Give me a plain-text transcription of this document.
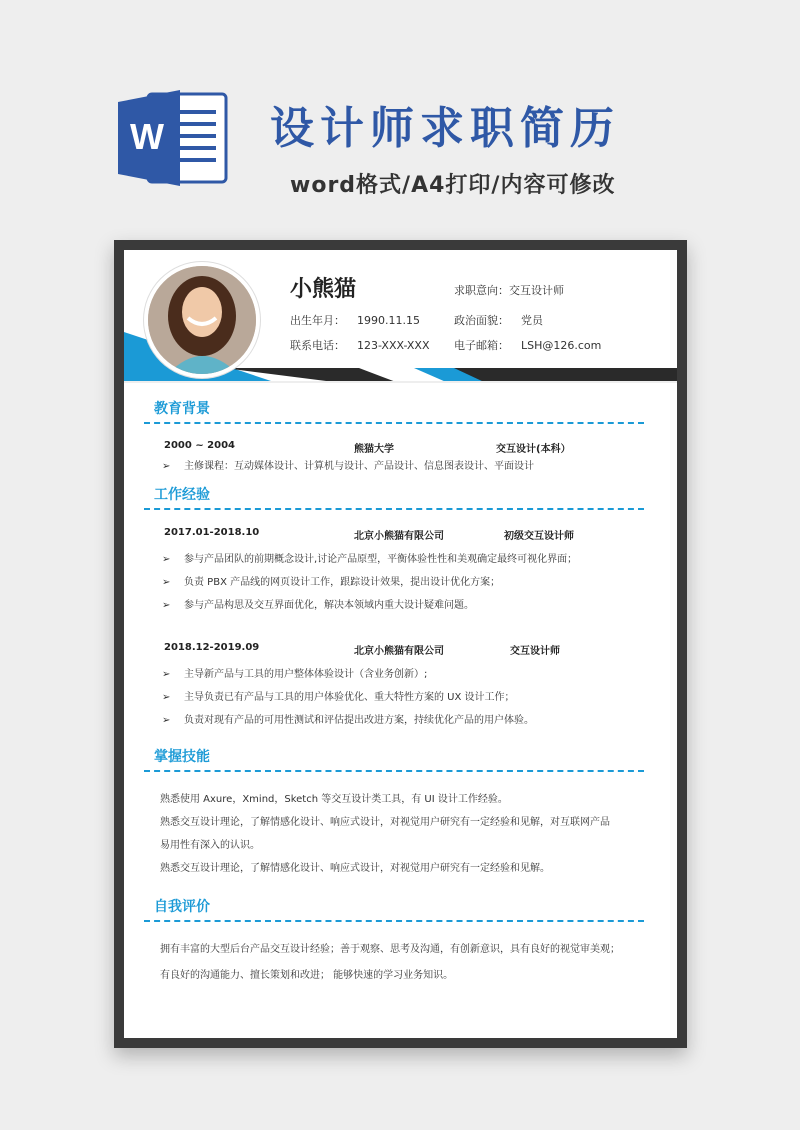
W 设计师求职简历
word格式/A4打印/内容可修改
小熊猫	求职意向：交互设计师
出生年月： 1990.11.15	政治面貌： 党员
联系电话： 123-XXX-XXX 电子邮箱： LSH@126.com
教育背景
2000 ~ 2004	熊猫大学	交互设计(本科）
➢ 主修课程：互动媒体设计、计算机与设计、产品设计、信息图表设计、平面设计
工作经验
2017.01-2018.10	北京小熊猫有限公司	初级交互设计师
➢ 参与产品团队的前期概念设计,讨论产品原型，平衡体验性性和美观确定最终可视化界面；
➢ 负责 PBX 产品线的网页设计工作，跟踪设计效果，提出设计优化方案；
➢ 参与产品构思及交互界面优化，解决本领域内重大设计疑难问题。
2018.12-2019.09	北京小熊猫有限公司	交互设计师
➢ 主导新产品与工具的用户整体体验设计（含业务创新）;
➢ 主导负责已有产品与工具的用户体验优化、重大特性方案的 UX 设计工作；
➢ 负责对现有产品的可用性测试和评估提出改进方案，持续优化产品的用户体验。
掌握技能
熟悉使用 Axure，Xmind，Sketch 等交互设计类工具，有 UI 设计工作经验。
熟悉交互设计理论，了解情感化设计、响应式设计，对视觉用户研究有一定经验和见解，对互联网产品
易用性有深入的认识。
熟悉交互设计理论，了解情感化设计、响应式设计，对视觉用户研究有一定经验和见解。
自我评价
拥有丰富的大型后台产品交互设计经验；善于观察、思考及沟通，有创新意识，具有良好的视觉审美观；
有良好的沟通能力、擅长策划和改进； 能够快速的学习业务知识。
